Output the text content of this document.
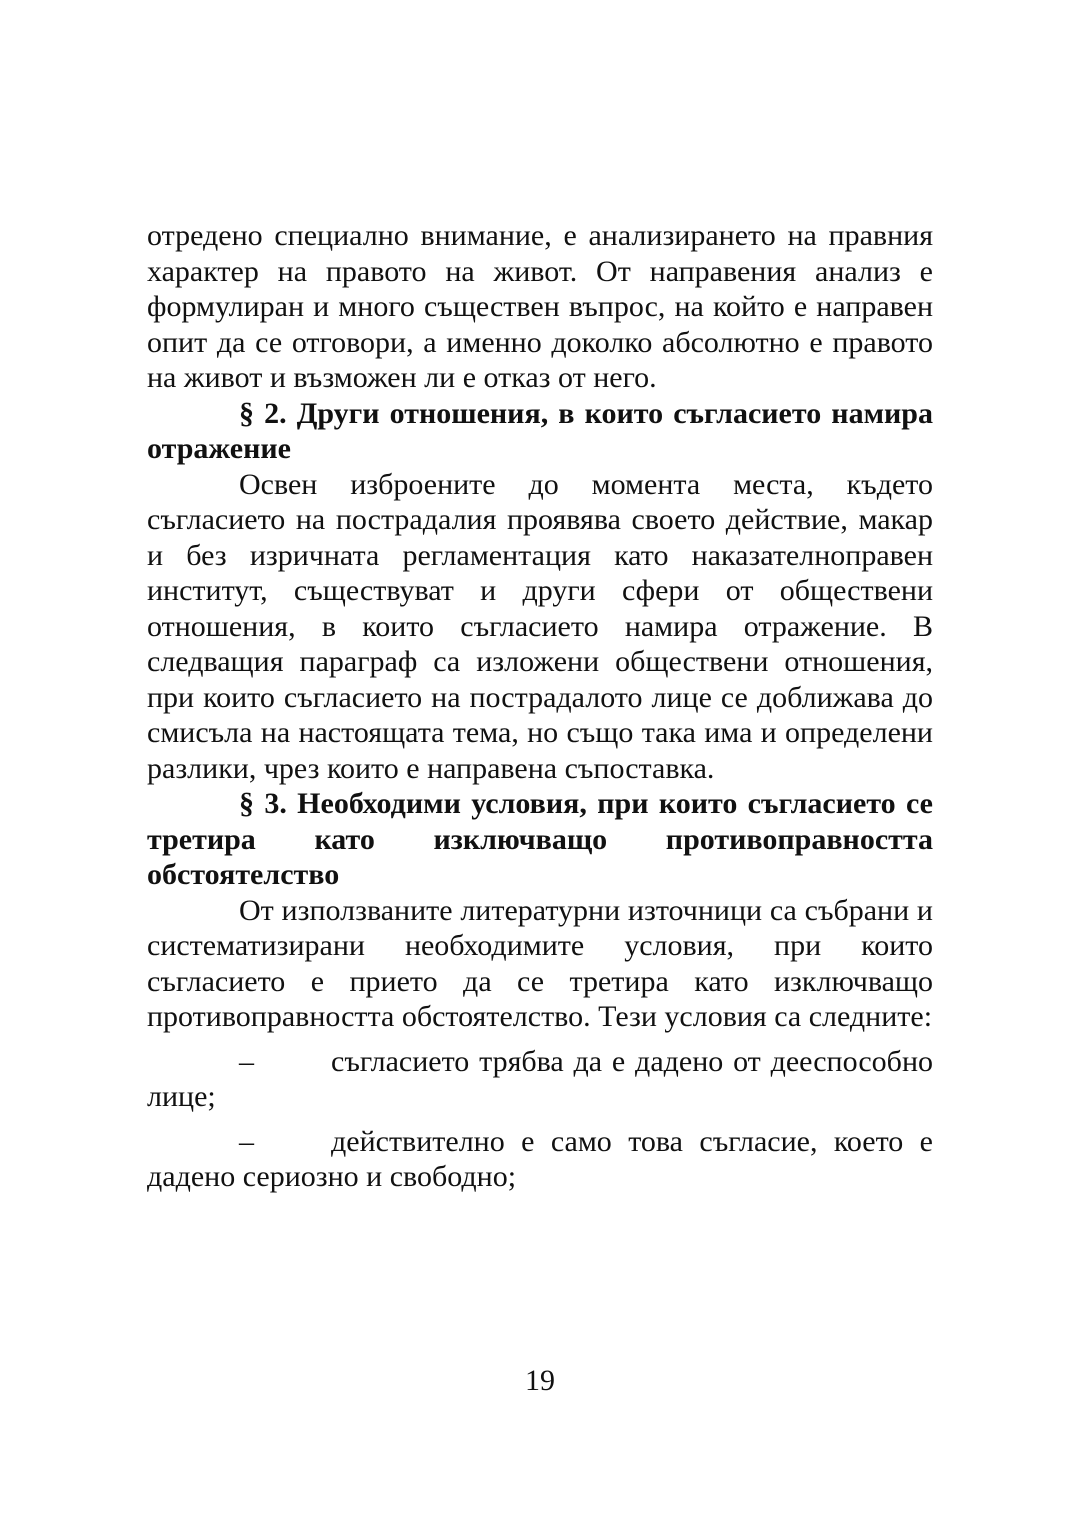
отредено специално внимание, е анализирането на правния характер на правото на живот. От направения анализ е формулиран и много съществен въпрос, на който е направен опит да се отговори, а именно доколко абсолютно е правото на живот и възможен ли е отказ от него.

§ 2. Други отношения, в които съгласието намира отражение

Освен изброените до момента места, където съгласието на пострадалия проявява своето действие, макар и без изричната регламентация като наказателноправен институт, съществуват и други сфери от обществени отношения, в които съгласието намира отражение. В следващия параграф са изложени обществени отношения, при които съгласието на пострадалото лице се доближава до смисъла на настоящата тема, но също така има и определени разлики, чрез които е направена съпоставка.

§ 3. Необходими условия, при които съгласието се третира като изключващо противоправността обстоятелство

От използваните литературни източници са събрани и систематизирани необходимите условия, при които съгласието е прието да се третира като изключващо противоправността обстоятелство. Тези условия са следните:

–	съгласието трябва да е дадено от дееспособно лице;

–	действително е само това съгласие, което е дадено сериозно и свободно;

19
